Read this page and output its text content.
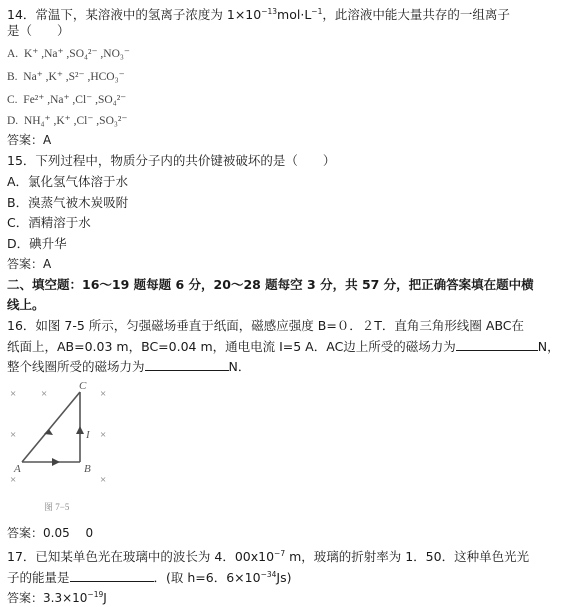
14．常温下，某溶液中的氢离子浓度为 $1\times 10^{-13}mol\cdot L^{-1}$，此溶液中能大量共存的一组离子
是（　　）
A. K⁺ ,Na⁺ ,SO₄²⁻ ,NO₃⁻
B. Na⁺ ,K⁺ ,S²⁻ ,HCO₃⁻
C. Fe²⁺ ,Na⁺ ,Cl⁻ ,SO₄²⁻
D. NH₄⁺ ,K⁺ ,Cl⁻ ,SO₃²⁻
答案：A
15．下列过程中，物质分子内的共价键被破坏的是（　　）
A．氯化氢气体溶于水
B．溴蒸气被木炭吸附
C．酒精溶于水
D．碘升华
答案：A
二、填空题：16～19 题每题 6 分，20～28 题每空 3 分，共 57 分，把正确答案填在题中横
线上。
16．如图 7-5 所示，匀强磁场垂直于纸面，磁感应强度 B=０．２T．直角三角形线圈 ABC在
纸面上，AB=0.03 m，BC=0.04 m，通电电流 I=5 A．AC边上所受的磁场力为	N，
整个线圈所受的磁场力为	N．
× ×	×
×	×
×	×
A	B
C
I
图 7−5
答案：0.05　 0
17．已知某单色光在玻璃中的波长为 4．$00x10^{-7}$ m，玻璃的折射率为 1．50．这种单色光光
子的能量是	．(取 h=6．$6\times 10^{-34}Js$)
答案：$3.3\times 10^{-19}J$
